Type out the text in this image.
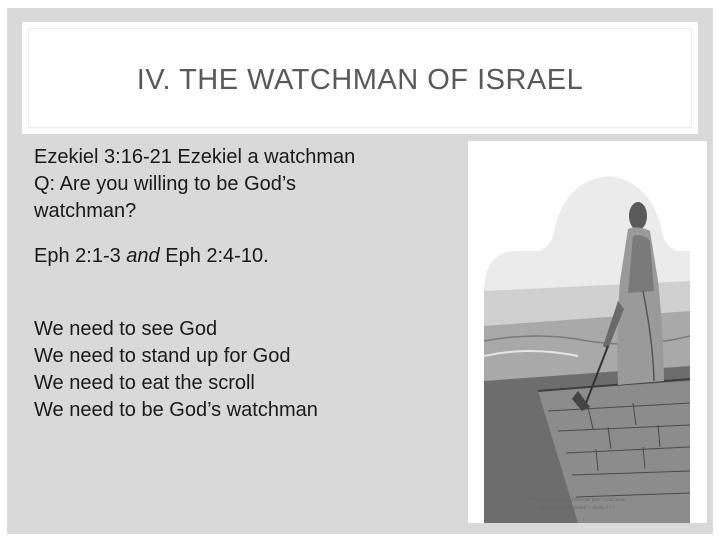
IV. THE WATCHMAN OF ISRAEL
Ezekiel 3:16-21 Ezekiel a watchman
Q: Are you willing to be God’s
watchman?
Eph 2:1-3 and Eph 2:4-10.
We need to see God
We need to stand up for God
We need to eat the scroll
We need to be God’s watchman
"Thou O son of man, I have set thee a watchman
unto the house of Israel."—Ezek. 33:7.
